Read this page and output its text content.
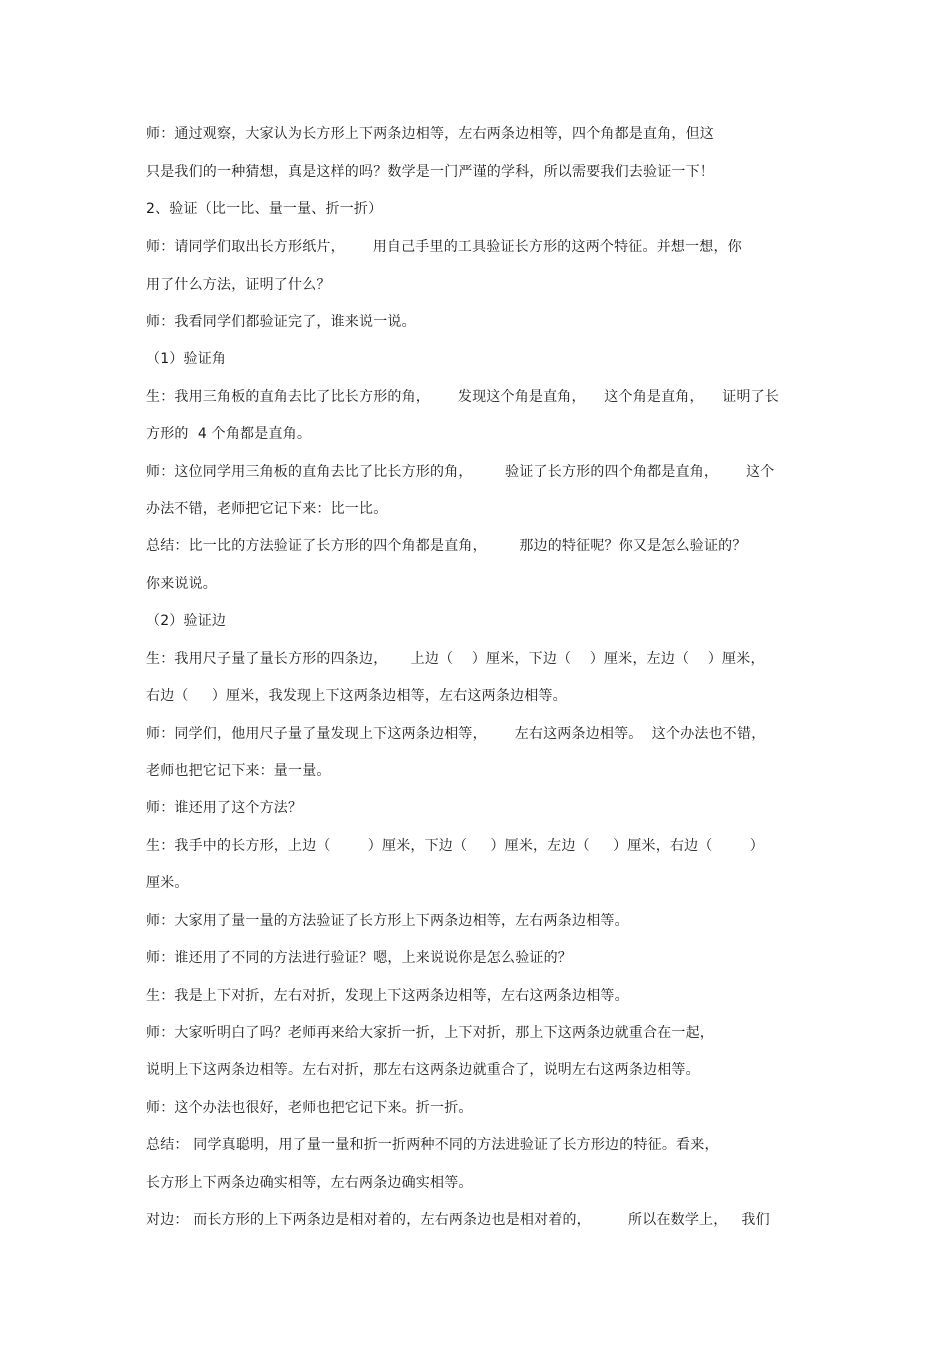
师：通过观察，大家认为长方形上下两条边相等，左右两条边相等，四个角都是直角，但这
只是我们的一种猜想，真是这样的吗？数学是一门严谨的学科，所以需要我们去验证一下！
2、验证（比一比、量一量、折一折）
师：请同学们取出长方形纸片，      用自己手里的工具验证长方形的这两个特征。并想一想，你
用了什么方法，证明了什么？
师：我看同学们都验证完了，谁来说一说。
（1）验证角
生：我用三角板的直角去比了比长方形的角，      发现这个角是直角，    这个角是直角，    证明了长
方形的  4 个角都是直角。
师：这位同学用三角板的直角去比了比长方形的角，       验证了长方形的四个角都是直角，      这个
办法不错，老师把它记下来：比一比。
总结：比一比的方法验证了长方形的四个角都是直角，       那边的特征呢？你又是怎么验证的？
你来说说。
（2）验证边
生：我用尺子量了量长方形的四条边，     上边（    ）厘米，下边（    ）厘米，左边（    ）厘米，
右边（     ）厘米，我发现上下这两条边相等，左右这两条边相等。
师：同学们，他用尺子量了量发现上下这两条边相等，      左右这两条边相等。  这个办法也不错，
老师也把它记下来：量一量。
师：谁还用了这个方法？
生：我手中的长方形，上边（        ）厘米，下边（     ）厘米，左边（     ）厘米，右边（        ）
厘米。
师：大家用了量一量的方法验证了长方形上下两条边相等，左右两条边相等。
师：谁还用了不同的方法进行验证？嗯，上来说说你是怎么验证的？
生：我是上下对折，左右对折，发现上下这两条边相等，左右这两条边相等。
师：大家听明白了吗？老师再来给大家折一折，上下对折，那上下这两条边就重合在一起，
说明上下这两条边相等。左右对折，那左右这两条边就重合了，说明左右这两条边相等。
师：这个办法也很好，老师也把它记下来。折一折。
总结： 同学真聪明，用了量一量和折一折两种不同的方法进验证了长方形边的特征。看来，
长方形上下两条边确实相等，左右两条边确实相等。
对边： 而长方形的上下两条边是相对着的，左右两条边也是相对着的，        所以在数学上，   我们
